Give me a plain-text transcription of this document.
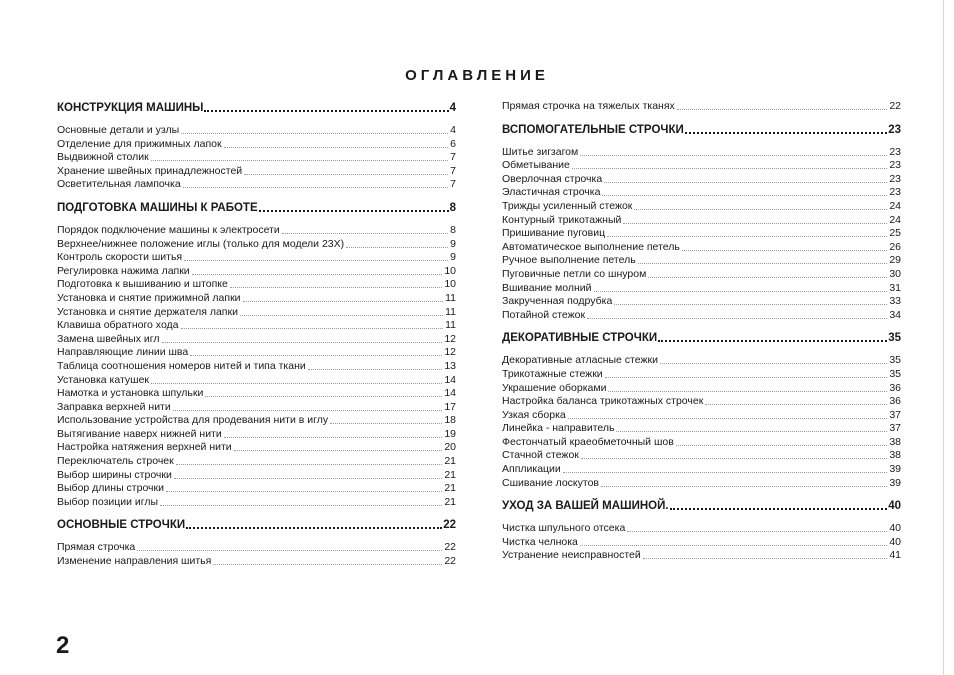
ОГЛАВЛЕНИЕ
КОНСТРУКЦИЯ МАШИНЫ	4
Основные детали и узлы	4
Отделение для прижимных лапок	6
Выдвижной столик	7
Хранение швейных принадлежностей	7
Осветительная лампочка	7
ПОДГОТОВКА МАШИНЫ К РАБОТЕ	8
Порядок подключение машины к электросети	8
Верхнее/нижнее положение иглы (только для модели 23Х)	9
Контроль скорости шитья	9
Регулировка нажима лапки	10
Подготовка к вышиванию и штопке	10
Установка и снятие прижимной лапки	11
Установка и снятие держателя лапки	11
Клавиша обратного хода	11
Замена швейных игл	12
Направляющие линии шва	12
Таблица соотношения номеров нитей и типа ткани	13
Установка катушек	14
Намотка и установка шпульки	14
Заправка верхней нити	17
Использование устройства для продевания нити в иглу	18
Вытягивание наверх нижней нити	19
Настройка натяжения верхней нити	20
Переключатель строчек	21
Выбор ширины строчки	21
Выбор длины строчки	21
Выбор позиции иглы	21
ОСНОВНЫЕ СТРОЧКИ	22
Прямая строчка	22
Изменение направления шитья	22
Прямая строчка на тяжелых тканях	22
ВСПОМОГАТЕЛЬНЫЕ СТРОЧКИ	23
Шитье зигзагом	23
Обметывание	23
Оверлочная строчка	23
Эластичная строчка	23
Трижды усиленный стежок	24
Контурный трикотажный	24
Пришивание пуговиц	25
Автоматическое выполнение петель	26
Ручное выполнение петель	29
Пуговичные петли со шнуром	30
Вшивание молний	31
Закрученная подрубка	33
Потайной стежок	34
ДЕКОРАТИВНЫЕ СТРОЧКИ	35
Декоративные атласные стежки	35
Трикотажные стежки	35
Украшение оборками	36
Настройка баланса трикотажных строчек	36
Узкая сборка	37
Линейка - направитель	37
Фестончатый краеобметочный шов	38
Стачной стежок	38
Аппликации	39
Сшивание лоскутов	39
УХОД ЗА ВАШЕЙ МАШИНОЙ.	40
Чистка шпульного отсека	40
Чистка челнока	40
Устранение неисправностей	41
2
